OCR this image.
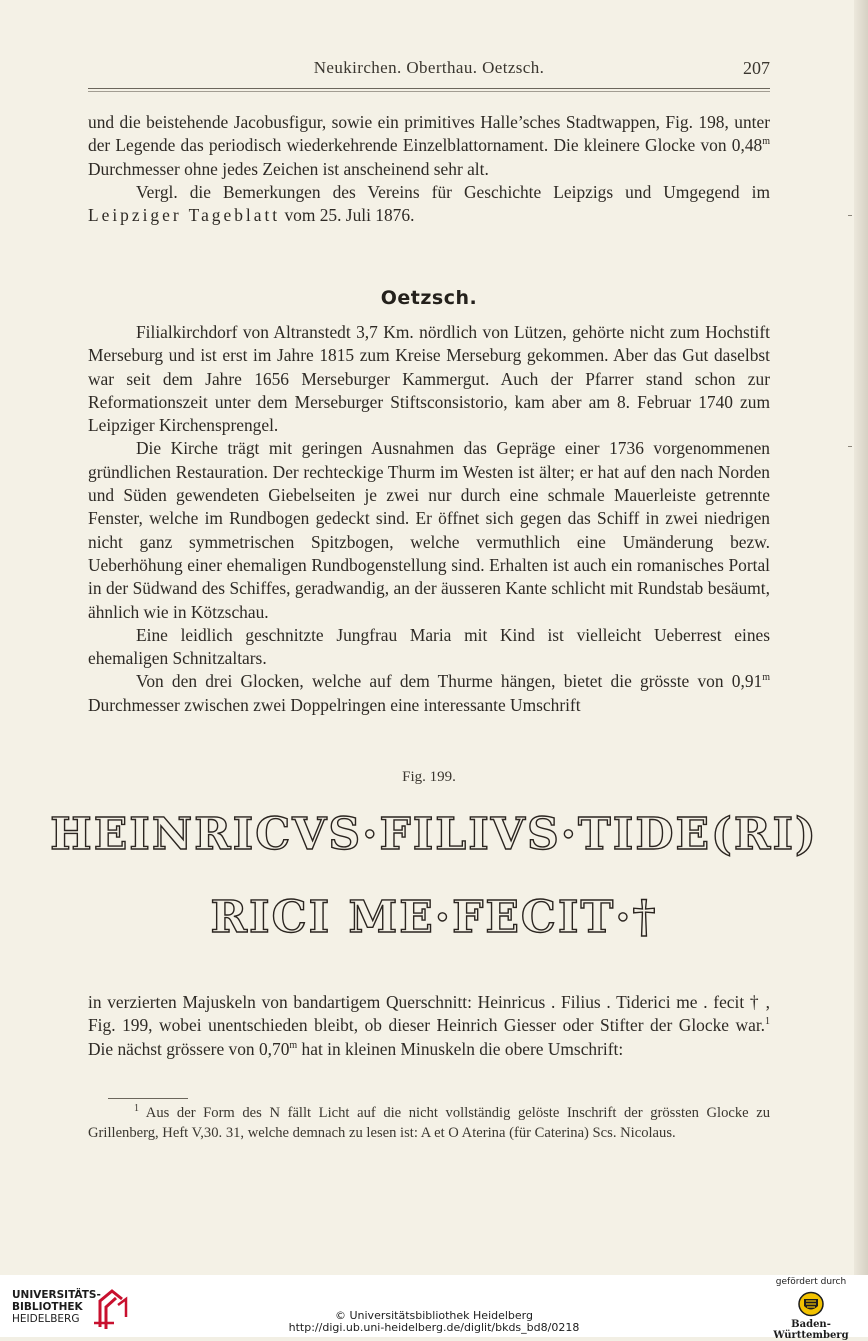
Neukirchen. Oberthau. Oetzsch.	207

und die beistehende Jacobusfigur, sowie ein primitives Halle’sches Stadtwappen, Fig. 198, unter der Legende das periodisch wiederkehrende Einzelblattornament. Die kleinere Glocke von 0,48$^m$ Durchmesser ohne jedes Zeichen ist anscheinend sehr alt.

Vergl. die Bemerkungen des Vereins für Geschichte Leipzigs und Umgegend im Leipziger Tageblatt vom 25. Juli 1876.

Oetzsch.

Filialkirchdorf von Altranstedt 3,7 Km. nördlich von Lützen, gehörte nicht zum Hochstift Merseburg und ist erst im Jahre 1815 zum Kreise Merseburg gekommen. Aber das Gut daselbst war seit dem Jahre 1656 Merseburger Kammergut. Auch der Pfarrer stand schon zur Reformationszeit unter dem Merseburger Stiftsconsistorio, kam aber am 8. Februar 1740 zum Leipziger Kirchensprengel.

Die Kirche trägt mit geringen Ausnahmen das Gepräge einer 1736 vorgenommenen gründlichen Restauration. Der rechteckige Thurm im Westen ist älter; er hat auf den nach Norden und Süden gewendeten Giebelseiten je zwei nur durch eine schmale Mauerleiste getrennte Fenster, welche im Rundbogen gedeckt sind. Er öffnet sich gegen das Schiff in zwei niedrigen nicht ganz symmetrischen Spitzbogen, welche vermuthlich eine Umänderung bezw. Ueberhöhung einer ehemaligen Rundbogenstellung sind. Erhalten ist auch ein romanisches Portal in der Südwand des Schiffes, geradwandig, an der äusseren Kante schlicht mit Rundstab besäumt, ähnlich wie in Kötzschau.

Eine leidlich geschnitzte Jungfrau Maria mit Kind ist vielleicht Ueberrest eines ehemaligen Schnitzaltars.

Von den drei Glocken, welche auf dem Thurme hängen, bietet die grösste von 0,91$^m$ Durchmesser zwischen zwei Doppelringen eine interessante Umschrift

Fig. 199.
HEINRICVS·FILIVS·TIDE(RI)
RICI ME·FECIT·†

in verzierten Majuskeln von bandartigem Querschnitt: Heinricus . Filius . Tiderici me . fecit † , Fig. 199, wobei unentschieden bleibt, ob dieser Heinrich Giesser oder Stifter der Glocke war.$^1$ Die nächst grössere von 0,70$^m$ hat in kleinen Minuskeln die obere Umschrift:

$^1$ Aus der Form des N fällt Licht auf die nicht vollständig gelöste Inschrift der grössten Glocke zu Grillenberg, Heft V,30. 31, welche demnach zu lesen ist: A et O Aterina (für Caterina) Scs. Nicolaus.

UNIVERSITÄTS-
BIBLIOTHEK
HEIDELBERG	© Universitätsbibliothek Heidelberg
http://digi.ub.uni-heidelberg.de/diglit/bkds_bd8/0218
gefördert durch
Baden-Württemberg
